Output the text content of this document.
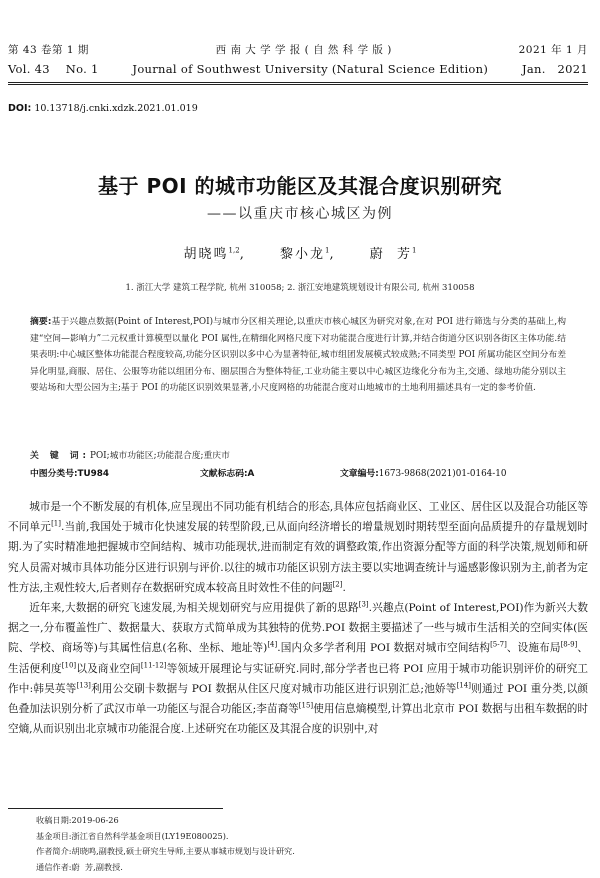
第 43 卷第 1 期	西 南 大 学 学 报 ( 自 然 科 学 版 )	2021 年 1 月
Vol. 43    No. 1	Journal of Southwest University (Natural Science Edition)	Jan.   2021
DOI: 10.13718/j.cnki.xdzk.2021.01.019
基于 POI 的城市功能区及其混合度识别研究
——以重庆市核心城区为例
胡晓鸣$^{1,2}$,	黎小龙$^1$,	蔚  芳$^1$
1. 浙江大学 建筑工程学院, 杭州 310058; 2. 浙江安地建筑规划设计有限公司, 杭州 310058
摘要:基于兴趣点数据(Point of Interest,POI)与城市分区相关理论,以重庆市核心城区为研究对象,在对 POI 进行筛选与分类的基础上,构建“空间—影响力”二元权重计算模型以量化 POI 属性,在精细化网格尺度下对功能混合度进行计算,并结合街道分区识别各街区主体功能.结果表明:中心城区整体功能混合程度较高,功能分区识别以多中心为显著特征,城市组团发展模式较成熟;不同类型 POI 所属功能区空间分布差异化明显,商服、居住、公服等功能以组团分布、圈层围合为整体特征,工业功能主要以中心城区边缘化分布为主,交通、绿地功能分别以主要站场和大型公园为主;基于 POI 的功能区识别效果显著,小尺度网格的功能混合度对山地城市的土地利用描述具有一定的参考价值.
关 键 词:POI;城市功能区;功能混合度;重庆市
中图分类号:TU984	文献标志码:A	文章编号:1673-9868(2021)01-0164-10

城市是一个不断发展的有机体,应呈现出不同功能有机结合的形态,具体应包括商业区、工业区、居住区以及混合功能区等不同单元[1].当前,我国处于城市化快速发展的转型阶段,已从面向经济增长的增量规划时期转型至面向品质提升的存量规划时期.为了实时精准地把握城市空间结构、城市功能现状,进而制定有效的调整政策,作出资源分配等方面的科学决策,规划师和研究人员需对城市具体功能分区进行识别与评价.以往的城市功能区识别方法主要以实地调查统计与遥感影像识别为主,前者为定性方法,主观性较大,后者则存在数据研究成本较高且时效性不佳的问题[2].

近年来,大数据的研究飞速发展,为相关规划研究与应用提供了新的思路[3].兴趣点(Point of Interest,POI)作为新兴大数据之一,分布覆盖性广、数据量大、获取方式简单成为其独特的优势.POI 数据主要描述了一些与城市生活相关的空间实体(医院、学校、商场等)与其属性信息(名称、坐标、地址等)[4].国内众多学者利用 POI 数据对城市空间结构[5-7]、设施布局[8-9]、生活便利度[10]以及商业空间[11-12]等领域开展理论与实证研究.同时,部分学者也已将 POI 应用于城市功能识别评价的研究工作中:韩昊英等[13]利用公交刷卡数据与 POI 数据从住区尺度对城市功能区进行识别汇总;池娇等[14]则通过 POI 重分类,以颜色叠加法识别分析了武汉市单一功能区与混合功能区;李苗裔等[15]使用信息熵模型,计算出北京市 POI 数据与出租车数据的时空熵,从而识别出北京城市功能混合度.上述研究在功能区及其混合度的识别中,对

收稿日期:2019-06-26
基金项目:浙江省自然科学基金项目(LY19E080025).
作者简介:胡晓鸣,副教授,硕士研究生导师,主要从事城市规划与设计研究.
通信作者:蔚  芳,副教授.
